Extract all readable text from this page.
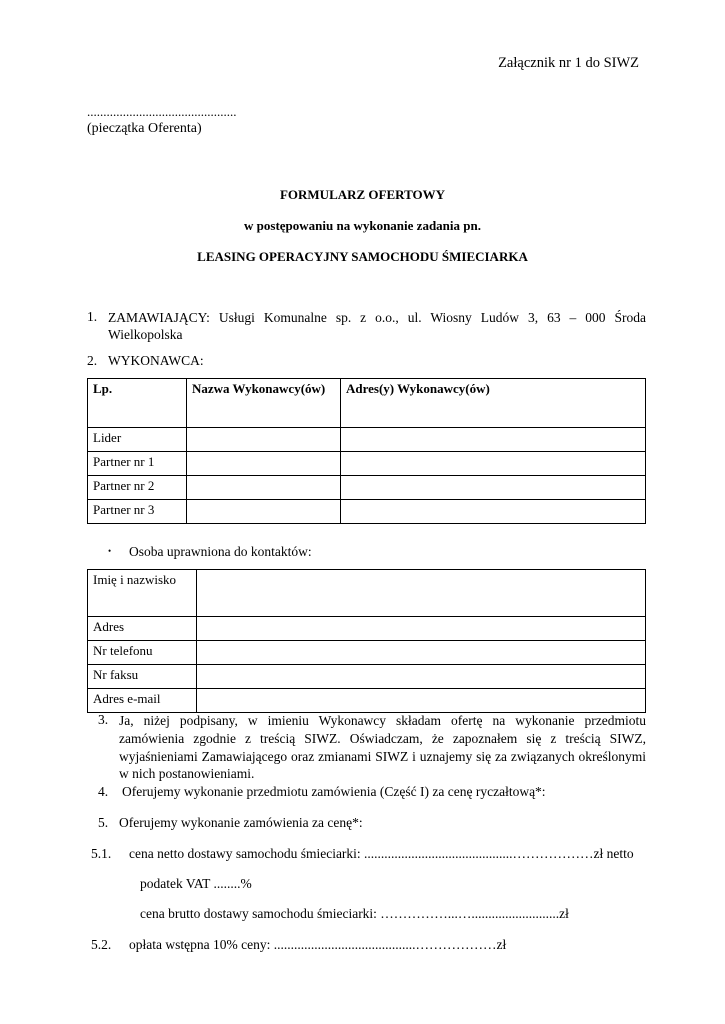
Załącznik nr 1 do SIWZ
..............................................
(pieczątka Oferenta)
FORMULARZ OFERTOWY
w postępowaniu na wykonanie zadania pn.
LEASING OPERACYJNY SAMOCHODU ŚMIECIARKA
1. ZAMAWIAJĄCY: Usługi Komunalne sp. z o.o., ul. Wiosny Ludów 3, 63 – 000 Środa
Wielkopolska
2. WYKONAWCA:
Lp.	Nazwa Wykonawcy(ów)	Adres(y) Wykonawcy(ów)
Lider		
Partner nr 1		
Partner nr 2		
Partner nr 3		
• Osoba uprawniona do kontaktów:
Imię i nazwisko	
Adres	
Nr telefonu	
Nr faksu	
Adres e-mail	
3. Ja, niżej podpisany, w imieniu Wykonawcy składam ofertę na wykonanie przedmiotu
zamówienia zgodnie z treścią SIWZ. Oświadczam, że zapoznałem się z treścią SIWZ,
wyjaśnieniami Zamawiającego oraz zmianami SIWZ i uznajemy się za związanych określonymi
w nich postanowieniami.
4. Oferujemy wykonanie przedmiotu zamówienia (Część I) za cenę ryczałtową*:
5. Oferujemy wykonanie zamówienia za cenę*:
5.1. cena netto dostawy samochodu śmieciarki: ............................................………………zł netto
podatek VAT ........%
cena brutto dostawy samochodu śmieciarki: ……………...…..........................zł
5.2. opłata wstępna 10% ceny: ..........................................………………zł
